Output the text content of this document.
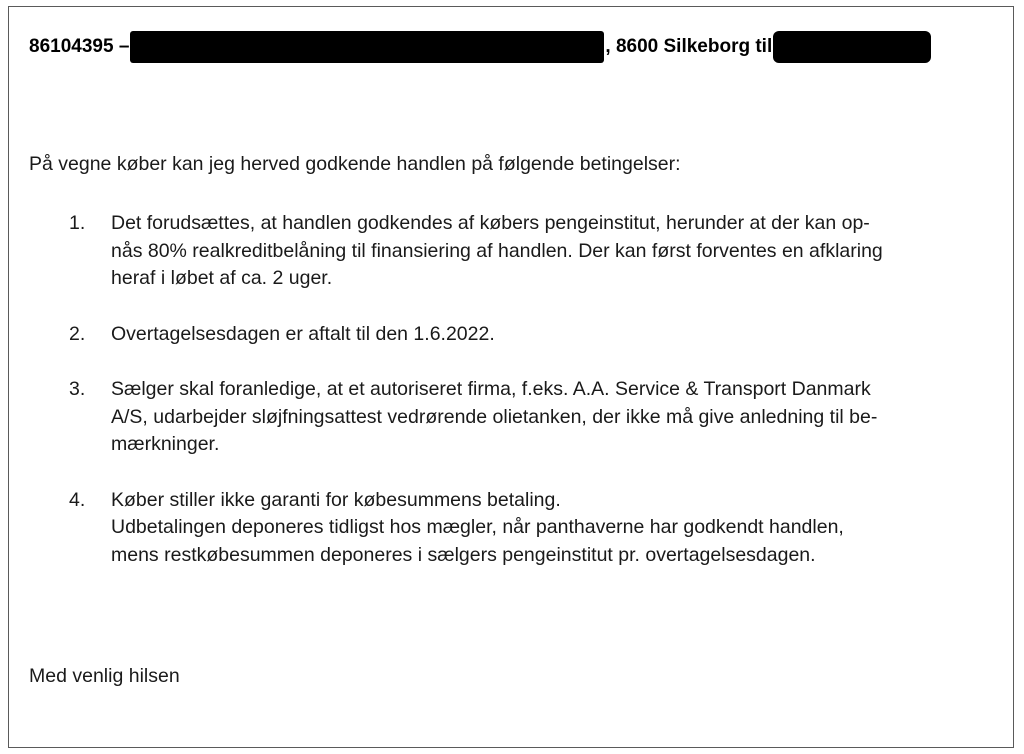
86104395 –	, 8600 Silkeborg til
På vegne køber kan jeg herved godkende handlen på følgende betingelser:
1. Det forudsættes, at handlen godkendes af købers pengeinstitut, herunder at der kan op-
nås 80% realkreditbelåning til finansiering af handlen. Der kan først forventes en afklaring
heraf i løbet af ca. 2 uger.
2. Overtagelsesdagen er aftalt til den 1.6.2022.
3. Sælger skal foranledige, at et autoriseret firma, f.eks. A.A. Service & Transport Danmark
A/S, udarbejder sløjfningsattest vedrørende olietanken, der ikke må give anledning til be-
mærkninger.
4. Køber stiller ikke garanti for købesummens betaling.
Udbetalingen deponeres tidligst hos mægler, når panthaverne har godkendt handlen,
mens restkøbesummen deponeres i sælgers pengeinstitut pr. overtagelsesdagen.
Med venlig hilsen
